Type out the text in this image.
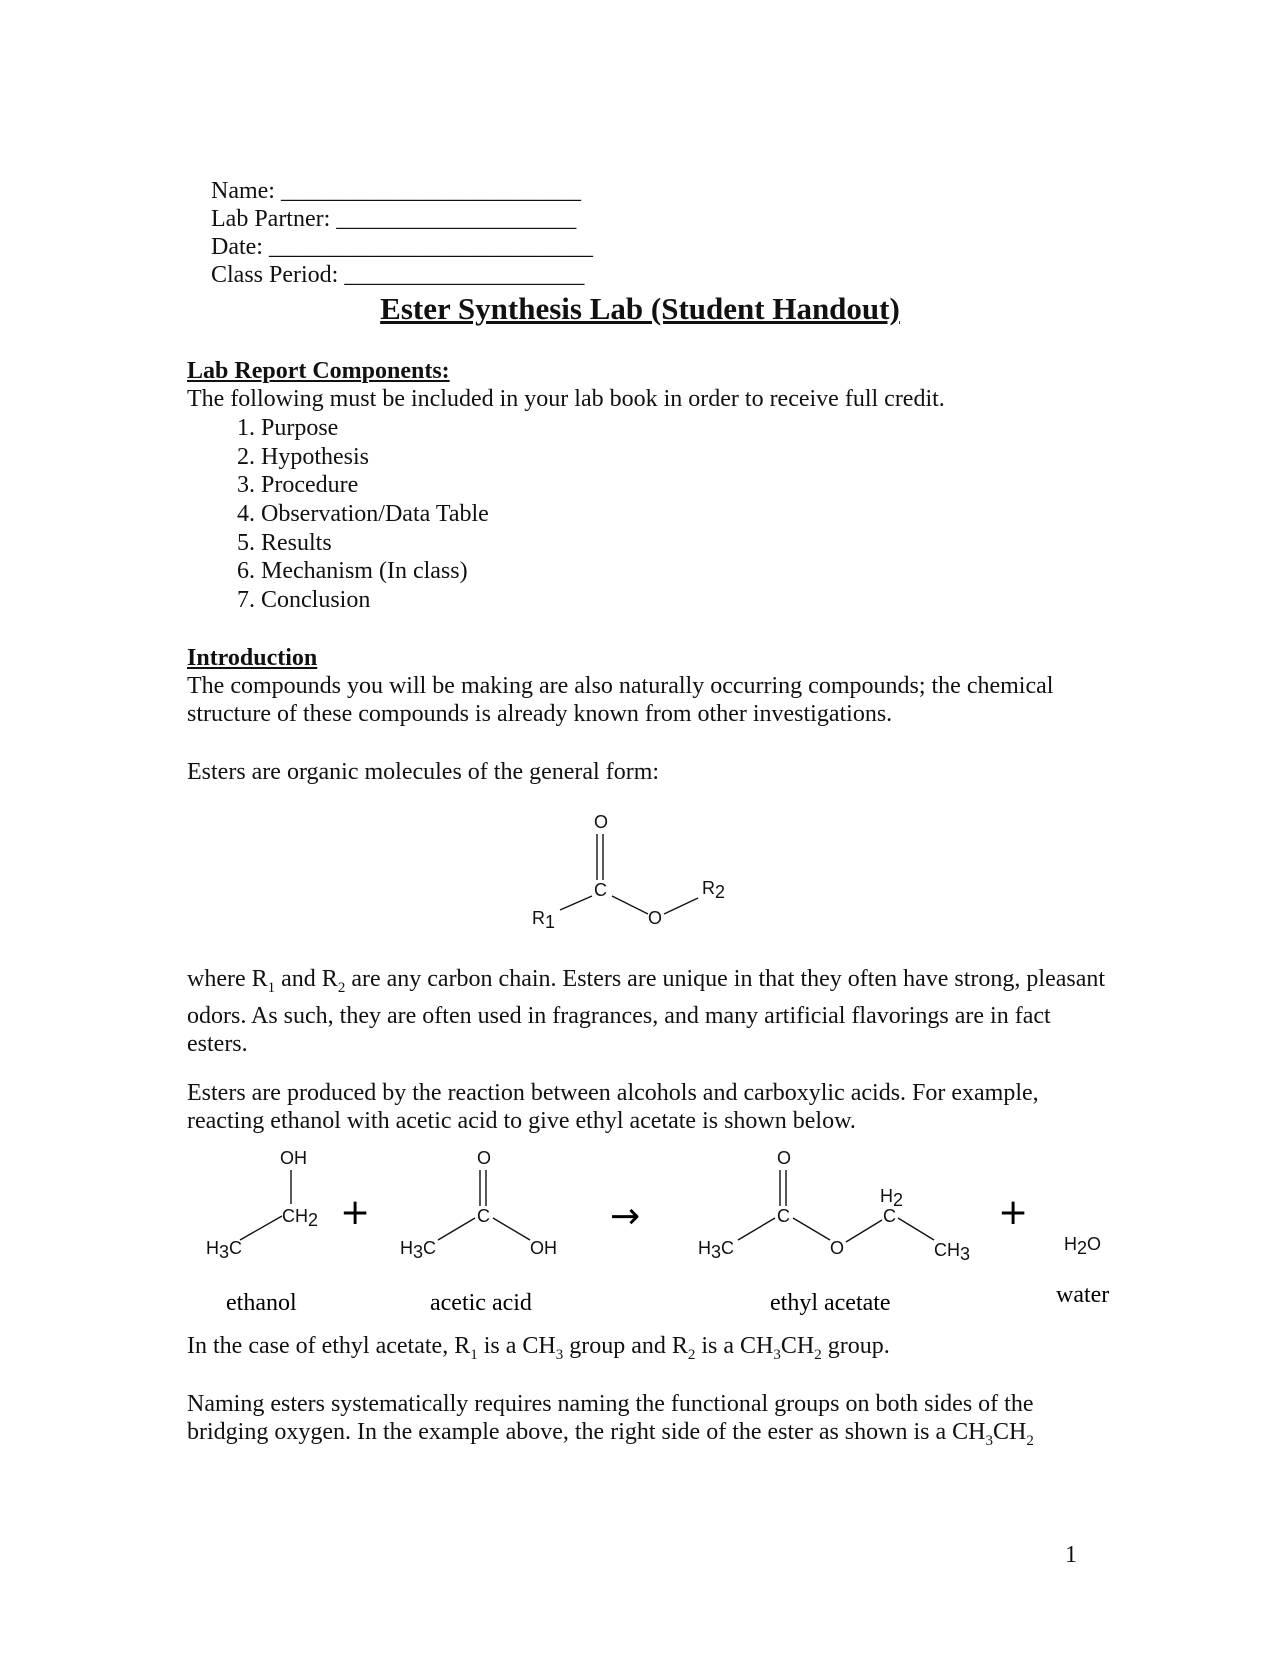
Name: _________________________

Lab Partner: ____________________

Date: ___________________________

Class Period: ____________________

Ester Synthesis Lab (Student Handout)
Lab Report Components:
The following must be included in your lab book in order to receive full credit.
1. Purpose
2. Hypothesis
3. Procedure
4. Observation/Data Table
5. Results
6. Mechanism (In class)
7. Conclusion
Introduction
The compounds you will be making are also naturally occurring compounds; the chemical structure of these compounds is already known from other investigations.
Esters are organic molecules of the general form:
O
C
O
R1
R2
where $R_1$ and $R_2$ are any carbon chain. Esters are unique in that they often have strong, pleasant odors. As such, they are often used in fragrances, and many artificial flavorings are in fact esters.
Esters are produced by the reaction between alcohols and carboxylic acids. For example, reacting ethanol with acetic acid to give ethyl acetate is shown below.
OH
CH2
H3C
ethanol
+
O
C
H3C	OH
acetic acid
→
O
C
H3C	O
H2
C
CH3
ethyl acetate
+
H2O
water
In the case of ethyl acetate, $R_1$ is a $CH_3$ group and $R_2$ is a $CH_3CH_2$ group.
Naming esters systematically requires naming the functional groups on both sides of the bridging oxygen. In the example above, the right side of the ester as shown is a $CH_3CH_2$
1
